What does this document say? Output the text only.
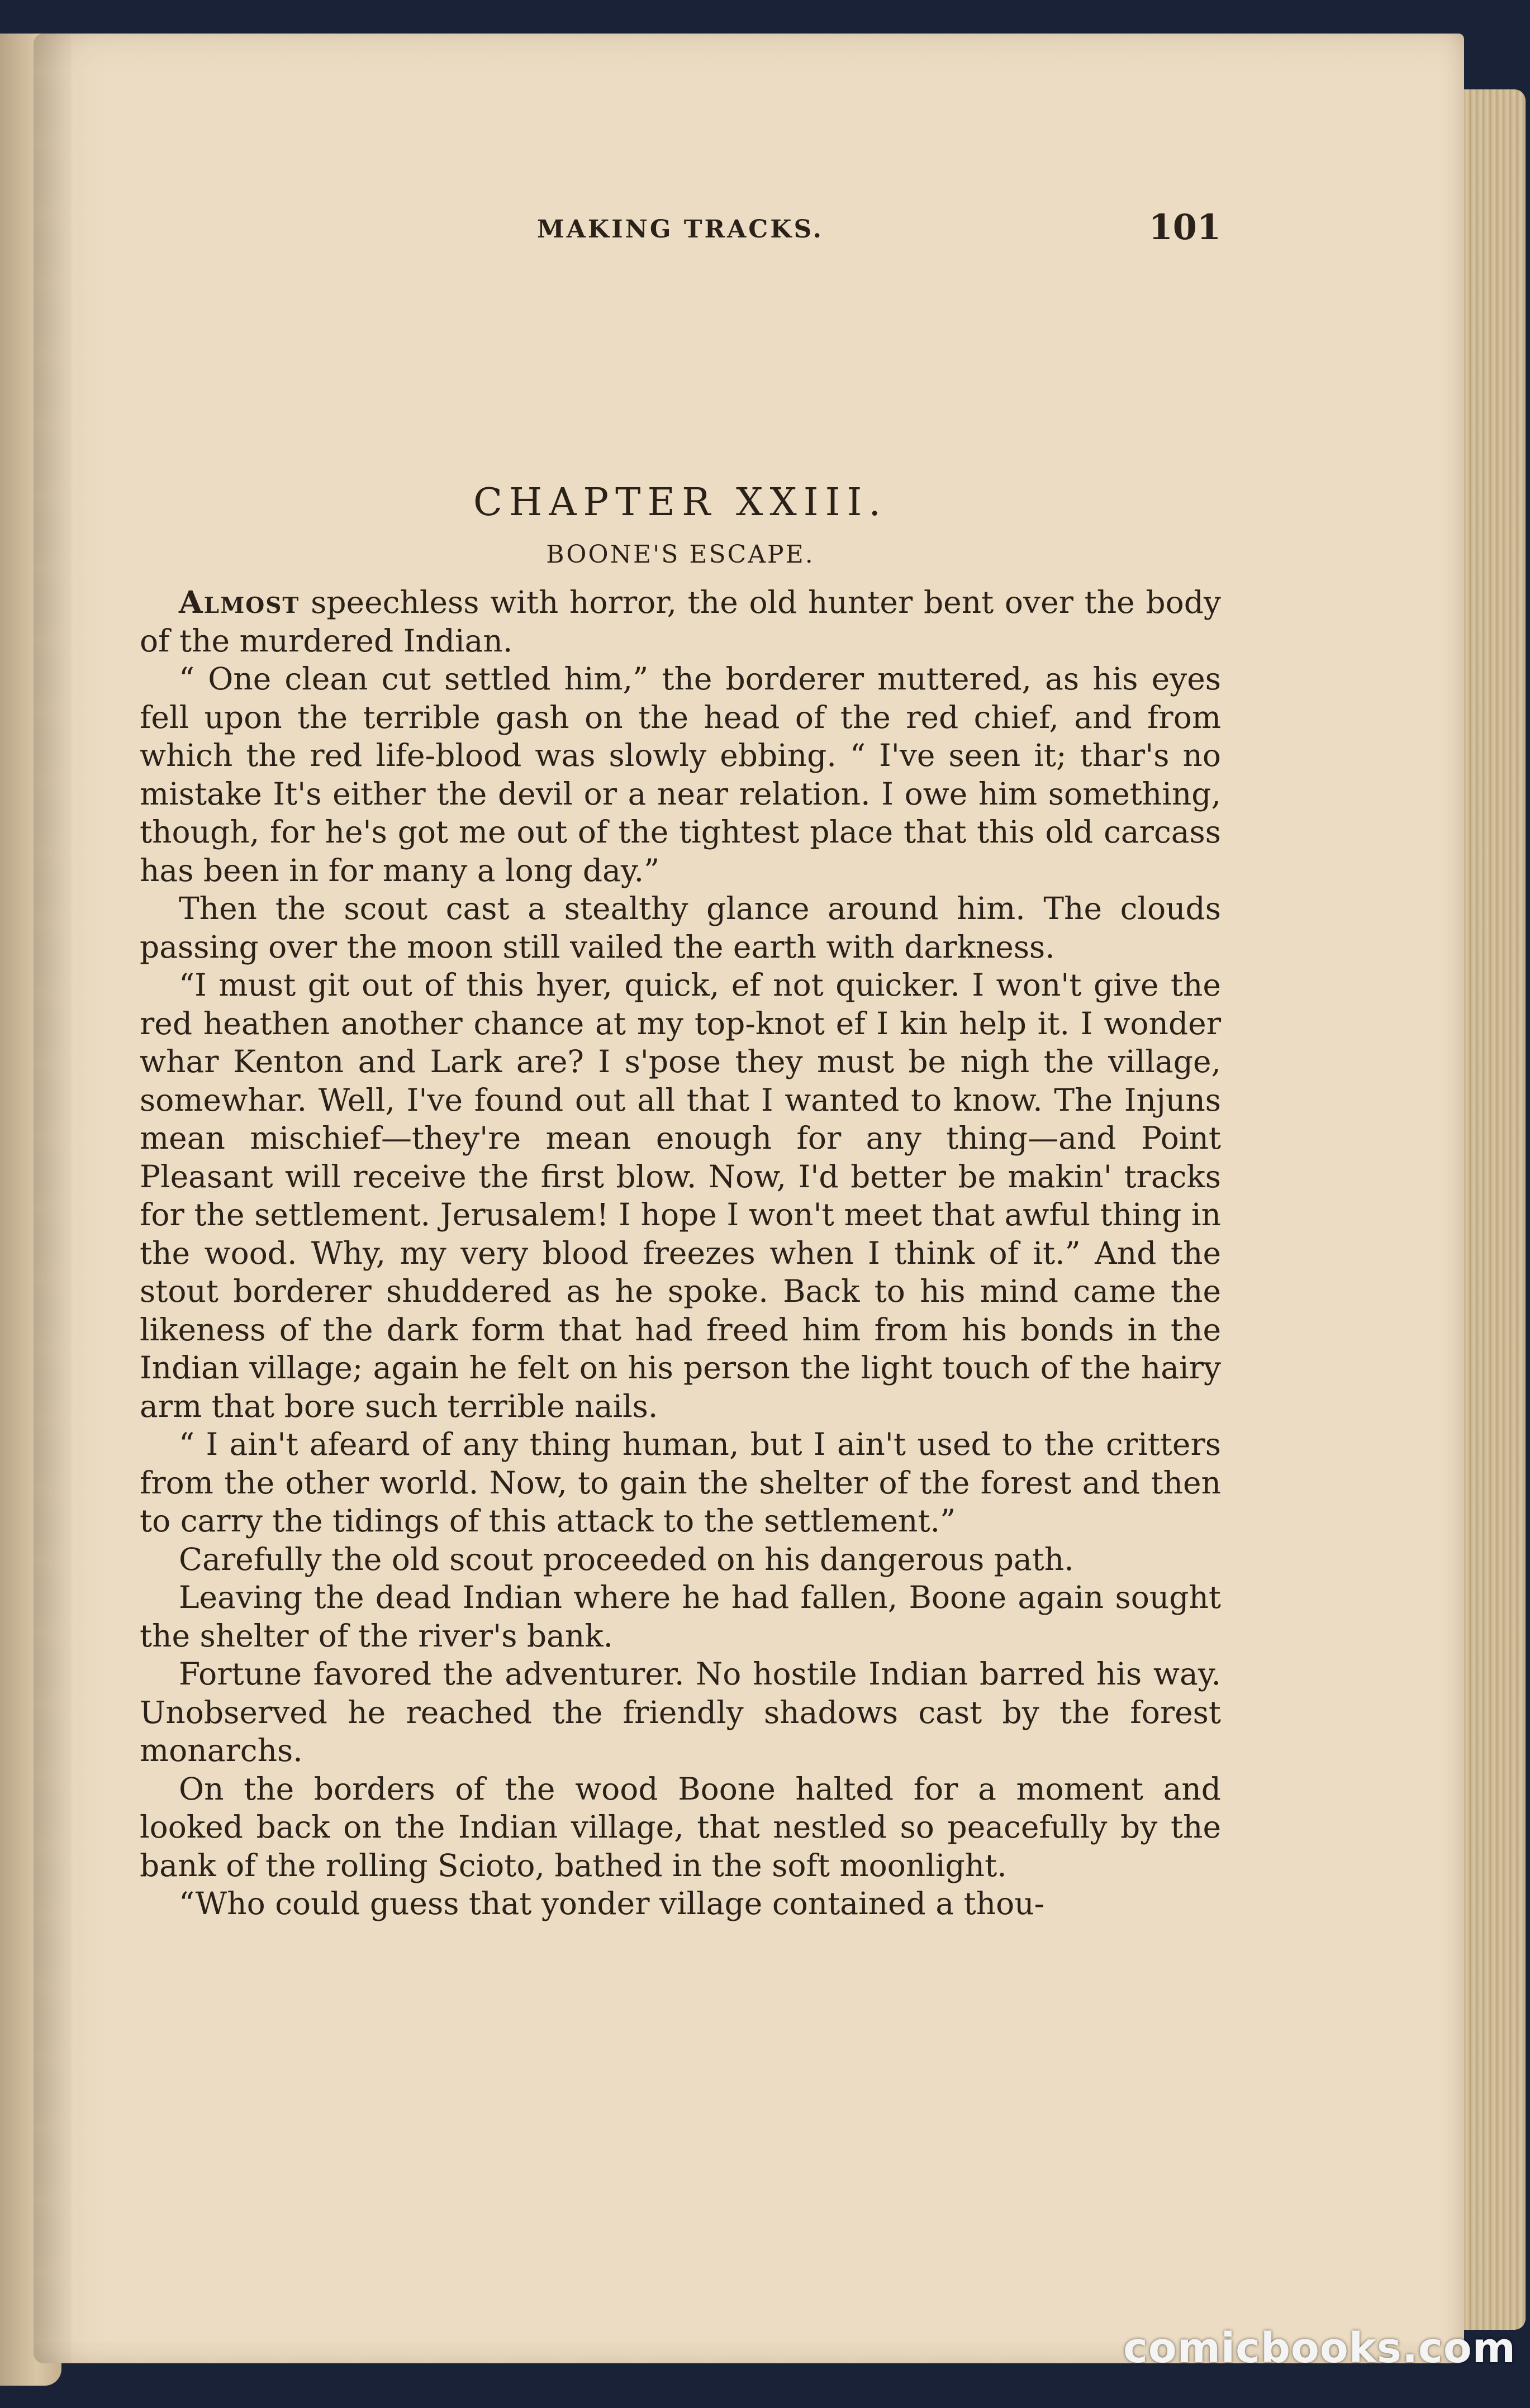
MAKING TRACKS.	101
CHAPTER XXIII.
BOONE'S ESCAPE.

Almost speechless with horror, the old hunter bent over the body of the murdered Indian.

“ One clean cut settled him,” the borderer muttered, as his eyes fell upon the terrible gash on the head of the red chief, and from which the red life-blood was slowly ebbing. “ I've seen it; thar's no mistake It's either the devil or a near relation. I owe him something, though, for he's got me out of the tightest place that this old carcass has been in for many a long day.”

Then the scout cast a stealthy glance around him. The clouds passing over the moon still vailed the earth with darkness.

“I must git out of this hyer, quick, ef not quicker. I won't give the red heathen another chance at my top-knot ef I kin help it. I wonder whar Kenton and Lark are? I s'pose they must be nigh the village, somewhar. Well, I've found out all that I wanted to know. The Injuns mean mischief—they're mean enough for any thing—and Point Pleasant will receive the first blow. Now, I'd better be makin' tracks for the settlement. Jerusalem! I hope I won't meet that awful thing in the wood. Why, my very blood freezes when I think of it.” And the stout borderer shuddered as he spoke. Back to his mind came the likeness of the dark form that had freed him from his bonds in the Indian village; again he felt on his person the light touch of the hairy arm that bore such terrible nails.

“ I ain't afeard of any thing human, but I ain't used to the critters from the other world. Now, to gain the shelter of the forest and then to carry the tidings of this attack to the settlement.”

Carefully the old scout proceeded on his dangerous path.

Leaving the dead Indian where he had fallen, Boone again sought the shelter of the river's bank.

Fortune favored the adventurer. No hostile Indian barred his way. Unobserved he reached the friendly shadows cast by the forest monarchs.

On the borders of the wood Boone halted for a moment and looked back on the Indian village, that nestled so peacefully by the bank of the rolling Scioto, bathed in the soft moonlight.

“Who could guess that yonder village contained a thou-

comicbooks.com
